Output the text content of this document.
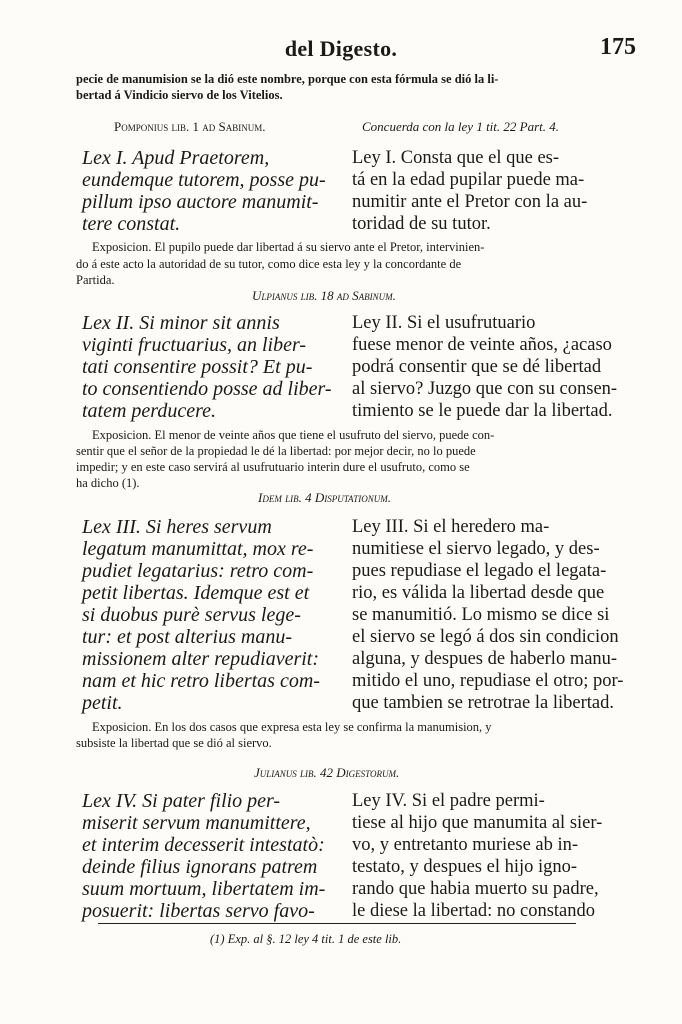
del Digesto.	175
pecie de manumision se la dió este nombre, porque con esta fórmula se dió la li-
bertad á Vindicio siervo de los Vitelios.
Pomponius lib. 1 ad Sabinum.	Concuerda con la ley 1 tit. 22 Part. 4.
Lex I. Apud Praetorem,
eundemque tutorem, posse pu-
pillum ipso auctore manumit-
tere constat.
Ley I. Consta que el que es-
tá en la edad pupilar puede ma-
numitir ante el Pretor con la au-
toridad de su tutor.
Exposicion. El pupilo puede dar libertad á su siervo ante el Pretor, intervinien-
do á este acto la autoridad de su tutor, como dice esta ley y la concordante de
Partida.
Ulpianus lib. 18 ad Sabinum.
Lex II. Si minor sit annis
viginti fructuarius, an liber-
tati consentire possit? Et pu-
to consentiendo posse ad liber-
tatem perducere.
Ley II. Si el usufrutuario
fuese menor de veinte años, ¿acaso
podrá consentir que se dé libertad
al siervo? Juzgo que con su consen-
timiento se le puede dar la libertad.
Exposicion. El menor de veinte años que tiene el usufruto del siervo, puede con-
sentir que el señor de la propiedad le dé la libertad: por mejor decir, no lo puede
impedir; y en este caso servirá al usufrutuario interin dure el usufruto, como se
ha dicho (1).
Idem lib. 4 Disputationum.
Lex III. Si heres servum
legatum manumittat, mox re-
pudiet legatarius: retro com-
petit libertas. Idemque est et
si duobus purè servus lege-
tur: et post alterius manu-
missionem alter repudiaverit:
nam et hic retro libertas com-
petit.
Ley III. Si el heredero ma-
numitiese el siervo legado, y des-
pues repudiase el legado el legata-
rio, es válida la libertad desde que
se manumitió. Lo mismo se dice si
el siervo se legó á dos sin condicion
alguna, y despues de haberlo manu-
mitido el uno, repudiase el otro; por-
que tambien se retrotrae la libertad.
Exposicion. En los dos casos que expresa esta ley se confirma la manumision, y
subsiste la libertad que se dió al siervo.
Julianus lib. 42 Digestorum.
Lex IV. Si pater filio per-
miserit servum manumittere,
et interim decesserit intestatò:
deinde filius ignorans patrem
suum mortuum, libertatem im-
posuerit: libertas servo favo-
Ley IV. Si el padre permi-
tiese al hijo que manumita al sier-
vo, y entretanto muriese ab in-
testato, y despues el hijo igno-
rando que habia muerto su padre,
le diese la libertad: no constando
(1) Exp. al §. 12 ley 4 tit. 1 de este lib.
